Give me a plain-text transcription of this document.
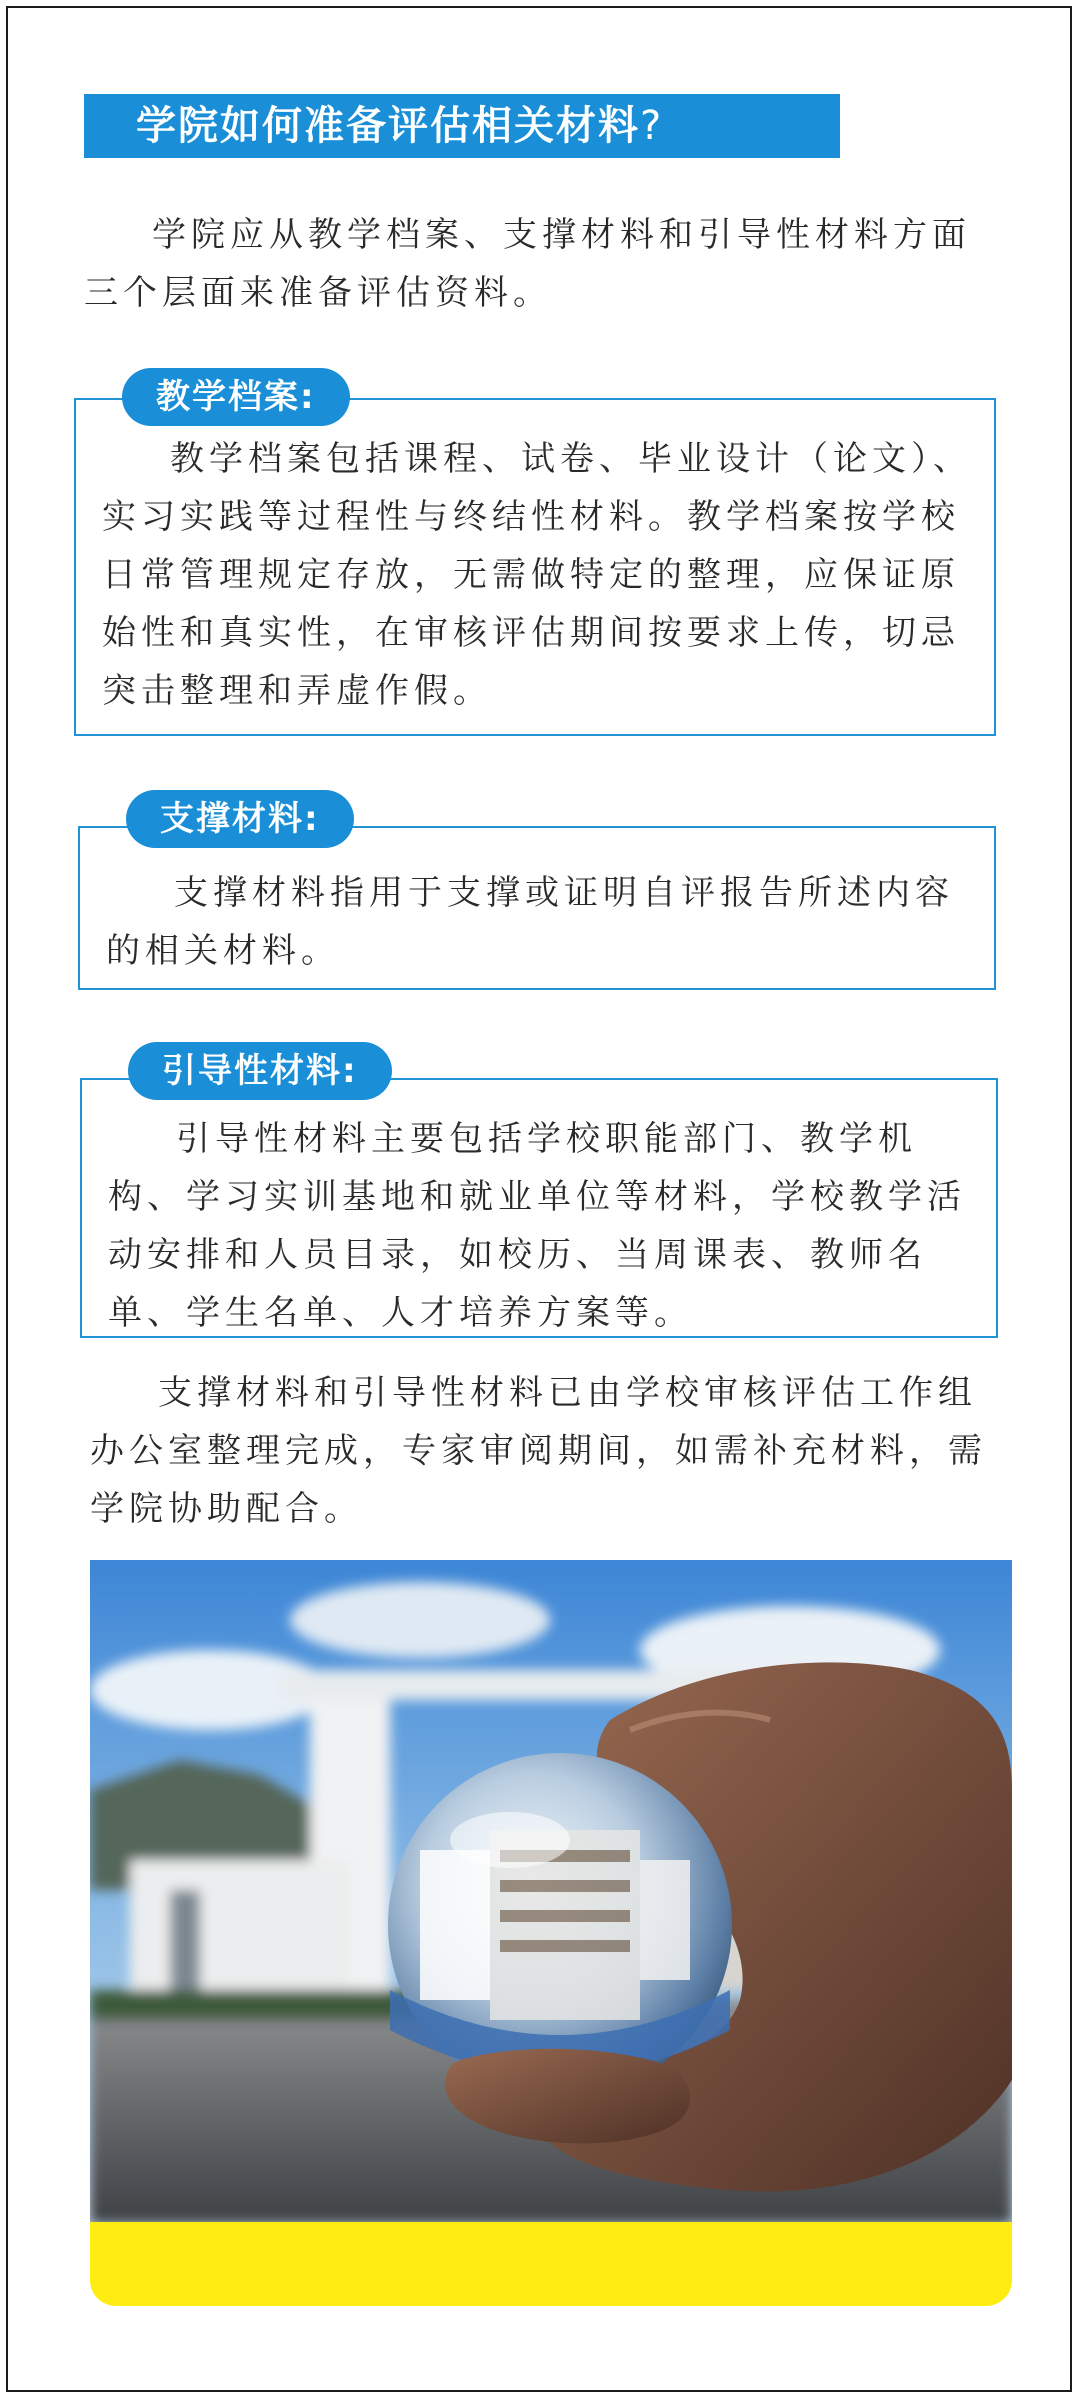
学院如何准备评估相关材料?

学院应从教学档案、支撑材料和引导性材料方面三个层面来准备评估资料。

教学档案包括课程、试卷、毕业设计（论文）、实习实践等过程性与终结性材料。教学档案按学校日常管理规定存放，无需做特定的整理，应保证原始性和真实性，在审核评估期间按要求上传，切忌突击整理和弄虚作假。

教学档案:

支撑材料指用于支撑或证明自评报告所述内容的相关材料。

支撑材料:

引导性材料主要包括学校职能部门、教学机构、学习实训基地和就业单位等材料，学校教学活动安排和人员目录，如校历、当周课表、教师名单、学生名单、人才培养方案等。

引导性材料:

支撑材料和引导性材料已由学校审核评估工作组办公室整理完成，专家审阅期间，如需补充材料，需学院协助配合。
